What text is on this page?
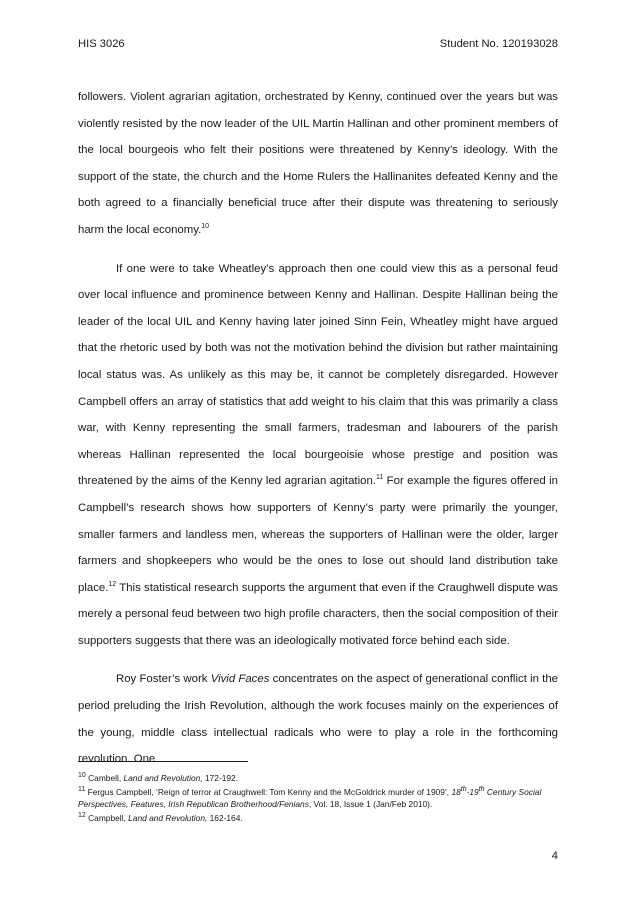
HIS 3026	Student No. 120193028

followers. Violent agrarian agitation, orchestrated by Kenny, continued over the years but was violently resisted by the now leader of the UIL Martin Hallinan and other prominent members of the local bourgeois who felt their positions were threatened by Kenny’s ideology. With the support of the state, the church and the Home Rulers the Hallinanites defeated Kenny and the both agreed to a financially beneficial truce after their dispute was threatening to seriously harm the local economy.$^{10}$

If one were to take Wheatley’s approach then one could view this as a personal feud over local influence and prominence between Kenny and Hallinan. Despite Hallinan being the leader of the local UIL and Kenny having later joined Sinn Fein, Wheatley might have argued that the rhetoric used by both was not the motivation behind the division but rather maintaining local status was. As unlikely as this may be, it cannot be completely disregarded. However Campbell offers an array of statistics that add weight to his claim that this was primarily a class war, with Kenny representing the small farmers, tradesman and labourers of the parish whereas Hallinan represented the local bourgeoisie whose prestige and position was threatened by the aims of the Kenny led agrarian agitation.$^{11}$ For example the figures offered in Campbell’s research shows how supporters of Kenny’s party were primarily the younger, smaller farmers and landless men, whereas the supporters of Hallinan were the older, larger farmers and shopkeepers who would be the ones to lose out should land distribution take place.$^{12}$ This statistical research supports the argument that even if the Craughwell dispute was merely a personal feud between two high profile characters, then the social composition of their supporters suggests that there was an ideologically motivated force behind each side.

Roy Foster’s work Vivid Faces concentrates on the aspect of generational conflict in the period preluding the Irish Revolution, although the work focuses mainly on the experiences of the young, middle class intellectual radicals who were to play a role in the forthcoming revolution. One

$^{10}$ Cambell, Land and Revolution, 172-192.

$^{11}$ Fergus Campbell, ‘Reign of terror at Craughwell: Tom Kenny and the McGoldrick murder of 1909’, 18th-19th Century Social Perspectives, Features, Irish Republican Brotherhood/Fenians, Vol. 18, Issue 1 (Jan/Feb 2010).

$^{12}$ Campbell, Land and Revolution, 162-164.

4
